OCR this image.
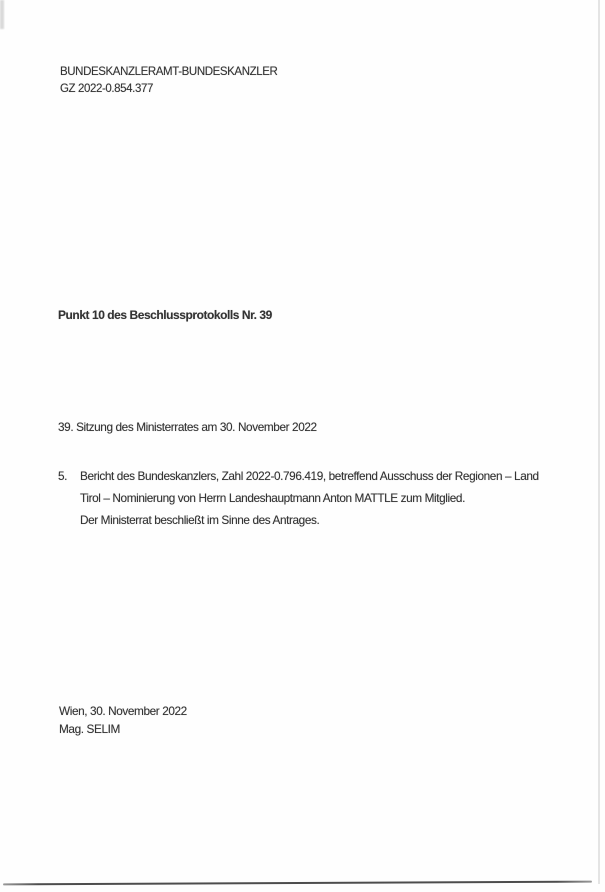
BUNDESKANZLERAMT-BUNDESKANZLER
GZ 2022-0.854.377
Punkt 10 des Beschlussprotokolls Nr. 39
39. Sitzung des Ministerrates am 30. November 2022
5.	Bericht des Bundeskanzlers, Zahl 2022-0.796.419, betreffend Ausschuss der Regionen – Land
Tirol – Nominierung von Herrn Landeshauptmann Anton MATTLE zum Mitglied.
Der Ministerrat beschließt im Sinne des Antrages.
Wien, 30. November 2022
Mag. SELIM
